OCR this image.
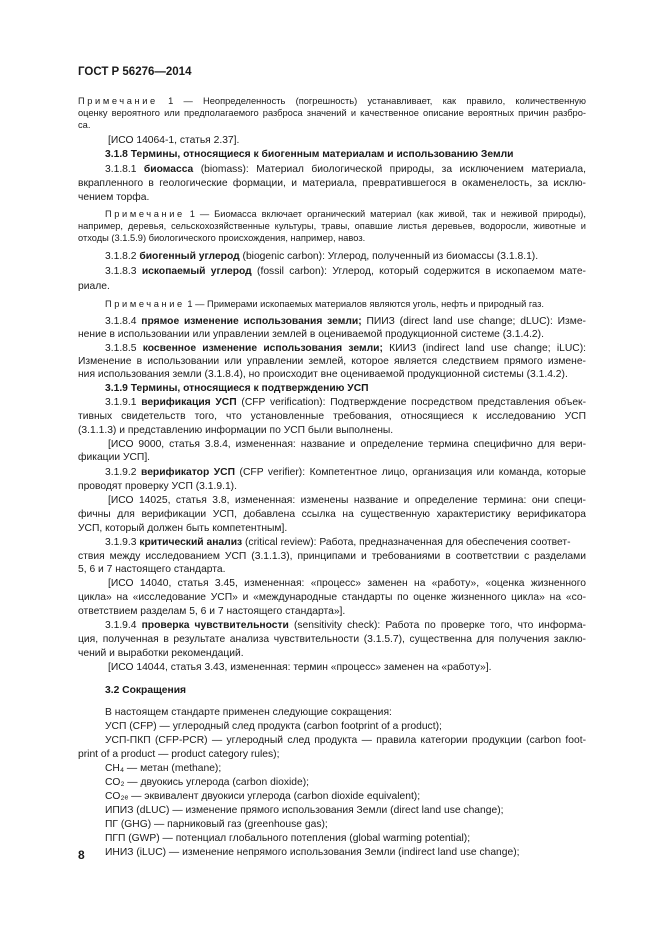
ГОСТ Р 56276—2014
Примечание 1 — Неопределенность (погрешность) устанавливает, как правило, количественную
оценку вероятного или предполагаемого разброса значений и качественное описание вероятных причин разбро-
са.
[ИСО 14064-1, статья 2.37].
3.1.8 Термины, относящиеся к биогенным материалам и использованию Земли
3.1.8.1 биомасса (biomass): Материал биологической природы, за исключением материала,
вкрапленного в геологические формации, и материала, превратившегося в окаменелость, за исклю-
чением торфа.
Примечание 1 — Биомасса включает органический материал (как живой, так и неживой природы),
например, деревья, сельскохозяйственные культуры, травы, опавшие листья деревьев, водоросли, животные и
отходы (3.1.5.9) биологического происхождения, например, навоз.
3.1.8.2 биогенный углерод (biogenic carbon): Углерод, полученный из биомассы (3.1.8.1).
3.1.8.3 ископаемый углерод (fossil carbon): Углерод, который содержится в ископаемом мате-
риале.
Примечание 1 — Примерами ископаемых материалов являются уголь, нефть и природный газ.
3.1.8.4 прямое изменение использования земли; ПИИЗ (direct land use change; dLUC): Изме-
нение в использовании или управлении землей в оцениваемой продукционной системе (3.1.4.2).
3.1.8.5 косвенное изменение использования земли; КИИЗ (indirect land use change; iLUC):
Изменение в использовании или управлении землей, которое является следствием прямого измене-
ния использования земли (3.1.8.4), но происходит вне оцениваемой продукционной системы (3.1.4.2).
3.1.9 Термины, относящиеся к подтверждению УСП
3.1.9.1 верификация УСП (CFP verification): Подтверждение посредством представления объек-
тивных свидетельств того, что установленные требования, относящиеся к исследованию УСП
(3.1.1.3) и представлению информации по УСП были выполнены.
[ИСО 9000, статья 3.8.4, измененная: название и определение термина специфично для вери-
фикации УСП].
3.1.9.2 верификатор УСП (CFP verifier): Компетентное лицо, организация или команда, которые
проводят проверку УСП (3.1.9.1).
[ИСО 14025, статья 3.8, измененная: изменены название и определение термина: они специ-
фичны для верификации УСП, добавлена ссылка на существенную характеристику верификатора
УСП, который должен быть компетентным].
3.1.9.3 критический анализ (critical review): Работа, предназначенная для обеспечения соответ-
ствия между исследованием УСП (3.1.1.3), принципами и требованиями в соответствии с разделами
5, 6 и 7 настоящего стандарта.
[ИСО 14040, статья 3.45, измененная: «процесс» заменен на «работу», «оценка жизненного
цикла» на «исследование УСП» и «международные стандарты по оценке жизненного цикла» на «со-
ответствием разделам 5, 6 и 7 настоящего стандарта»].
3.1.9.4 проверка чувствительности (sensitivity check): Работа по проверке того, что информа-
ция, полученная в результате анализа чувствительности (3.1.5.7), существенна для получения заклю-
чений и выработки рекомендаций.
[ИСО 14044, статья 3.43, измененная: термин «процесс» заменен на «работу»].
3.2 Сокращения
В настоящем стандарте применен следующие сокращения:
УСП (CFP) — углеродный след продукта (carbon footprint of a product);
УСП-ПКП (CFP-PCR) — углеродный след продукта — правила категории продукции (carbon foot-
print of a product — product category rules);
CH₄ — метан (methane);
CO₂ — двуокись углерода (carbon dioxide);
CO₂ₑ — эквивалент двуокиси углерода (carbon dioxide equivalent);
ИПИЗ (dLUC) — изменение прямого использования Земли (direct land use change);
ПГ (GHG) — парниковый газ (greenhouse gas);
ПГП (GWP) — потенциал глобального потепления (global warming potential);
ИНИЗ (iLUC) — изменение непрямого использования Земли (indirect land use change);
8
